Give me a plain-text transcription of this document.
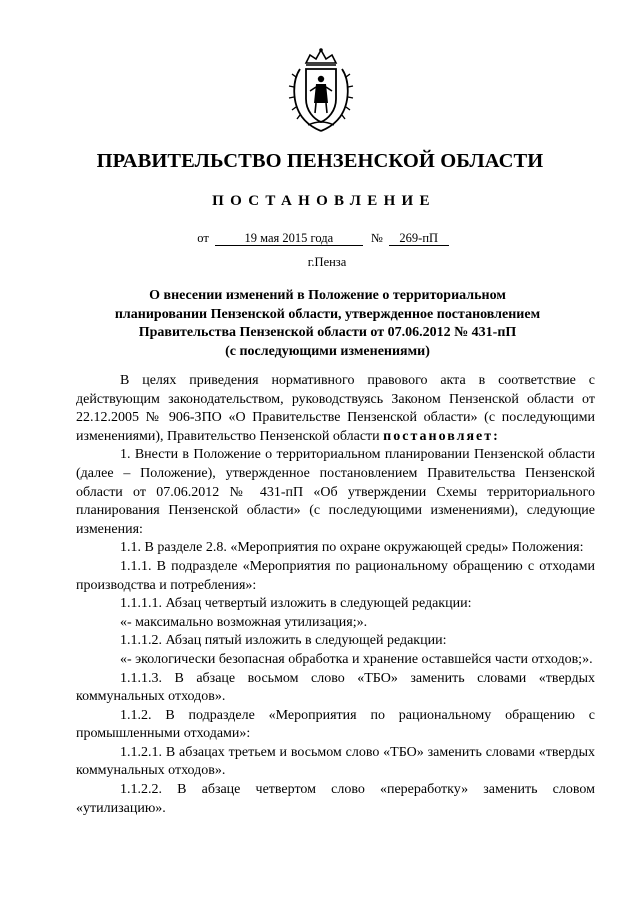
ПРАВИТЕЛЬСТВО ПЕНЗЕНСКОЙ ОБЛАСТИ
ПОСТАНОВЛЕНИЕ
от	19 мая 2015 года	№ 269-пП
г.Пенза
О внесении изменений в Положение о территориальном
планировании Пензенской области, утвержденное постановлением
Правительства Пензенской области от 07.06.2012 № 431-пП
(с последующими изменениями)

В целях приведения нормативного правового акта в соответствие с действующим законодательством, руководствуясь Законом Пензенской области от 22.12.2005 № 906-ЗПО «О Правительстве Пензенской области» (с последующими изменениями), Правительство Пензенской области постановляет:

1. Внести в Положение о территориальном планировании Пензенской области (далее – Положение), утвержденное постановлением Правительства Пензенской области от 07.06.2012 № 431-пП «Об утверждении Схемы территориального планирования Пензенской области» (с последующими изменениями), следующие изменения:

1.1. В разделе 2.8. «Мероприятия по охране окружающей среды» Положения:

1.1.1. В подразделе «Мероприятия по рациональному обращению с отходами производства и потребления»:

1.1.1.1. Абзац четвертый изложить в следующей редакции:

«- максимально возможная утилизация;».

1.1.1.2. Абзац пятый изложить в следующей редакции:

«- экологически безопасная обработка и хранение оставшейся части отходов;».

1.1.1.3. В абзаце восьмом слово «ТБО» заменить словами «твердых коммунальных отходов».

1.1.2. В подразделе «Мероприятия по рациональному обращению с промышленными отходами»:

1.1.2.1. В абзацах третьем и восьмом слово «ТБО» заменить словами «твердых коммунальных отходов».

1.1.2.2. В абзаце четвертом слово «переработку» заменить словом «утилизацию».
